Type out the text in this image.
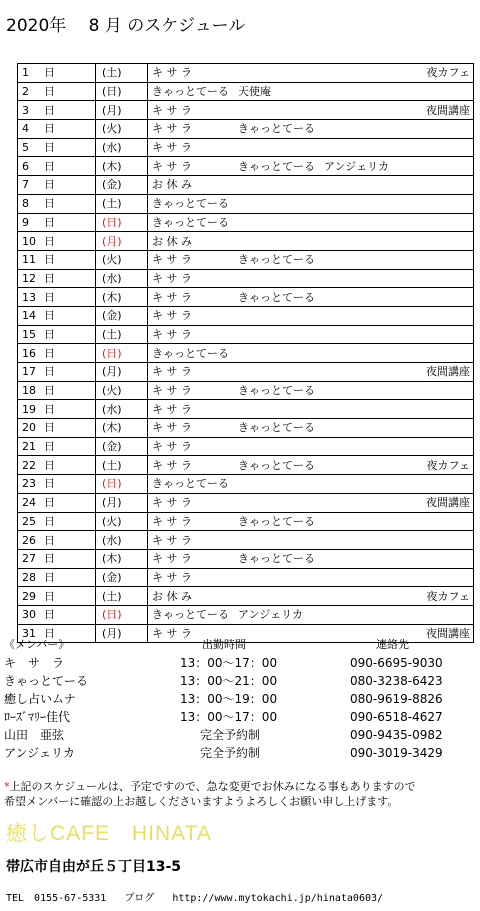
2020年　 8 月 のスケジュール
1 日	(土)	キ サ ラ 夜カフェ

2 日	(日)	きゃっとてーる 天使庵

3 日	(月)	キ サ ラ 夜間講座

4 日	(火)	キ サ ラ きゃっとてーる

5 日	(水)	キ サ ラ

6 日	(木)	キ サ ラ きゃっとてーる アンジェリカ

7 日	(金)	お 休 み

8 日	(土)	きゃっとてーる

9 日	(日)	きゃっとてーる

10 日	(月)	お 休 み

11 日	(火)	キ サ ラ きゃっとてーる

12 日	(水)	キ サ ラ

13 日	(木)	キ サ ラ きゃっとてーる

14 日	(金)	キ サ ラ

15 日	(土)	キ サ ラ

16 日	(日)	きゃっとてーる

17 日	(月)	キ サ ラ 夜間講座

18 日	(火)	キ サ ラ きゃっとてーる

19 日	(水)	キ サ ラ

20 日	(木)	キ サ ラ きゃっとてーる

21 日	(金)	キ サ ラ

22 日	(土)	キ サ ラ きゃっとてーる 夜カフェ

23 日	(日)	きゃっとてーる

24 日	(月)	キ サ ラ 夜間講座

25 日	(火)	キ サ ラ きゃっとてーる

26 日	(水)	キ サ ラ

27 日	(木)	キ サ ラ きゃっとてーる

28 日	(金)	キ サ ラ

29 日	(土)	お 休 み 夜カフェ

30 日	(日)	きゃっとてーる アンジェリカ

31 日	(月)	キ サ ラ 夜間講座
《メンバー》	出勤時間	連絡先
キ　サ　ラ	13：00〜17：00	090-6695-9030
きゃっとてーる	13：00〜21：00	080-3238-6423
癒し占いムナ	13：00〜19：00	080-9619-8826
ﾛｰｽﾞﾏﾘｰ佳代	13：00〜17：00	090-6518-4627
山田　亜弦	完全予約制	090-9435-0982
アンジェリカ	完全予約制	090-3019-3429
*上記のスケジュールは、予定ですので、急な変更でお休みになる事もありますので
希望メンバーに確認の上お越しくださいますようよろしくお願い申し上げます。
癒しCAFE　HINATA
帯広市自由が丘５丁目13-5
TEL　0155-67-5331 ブログ http://www.mytokachi.jp/hinata0603/
